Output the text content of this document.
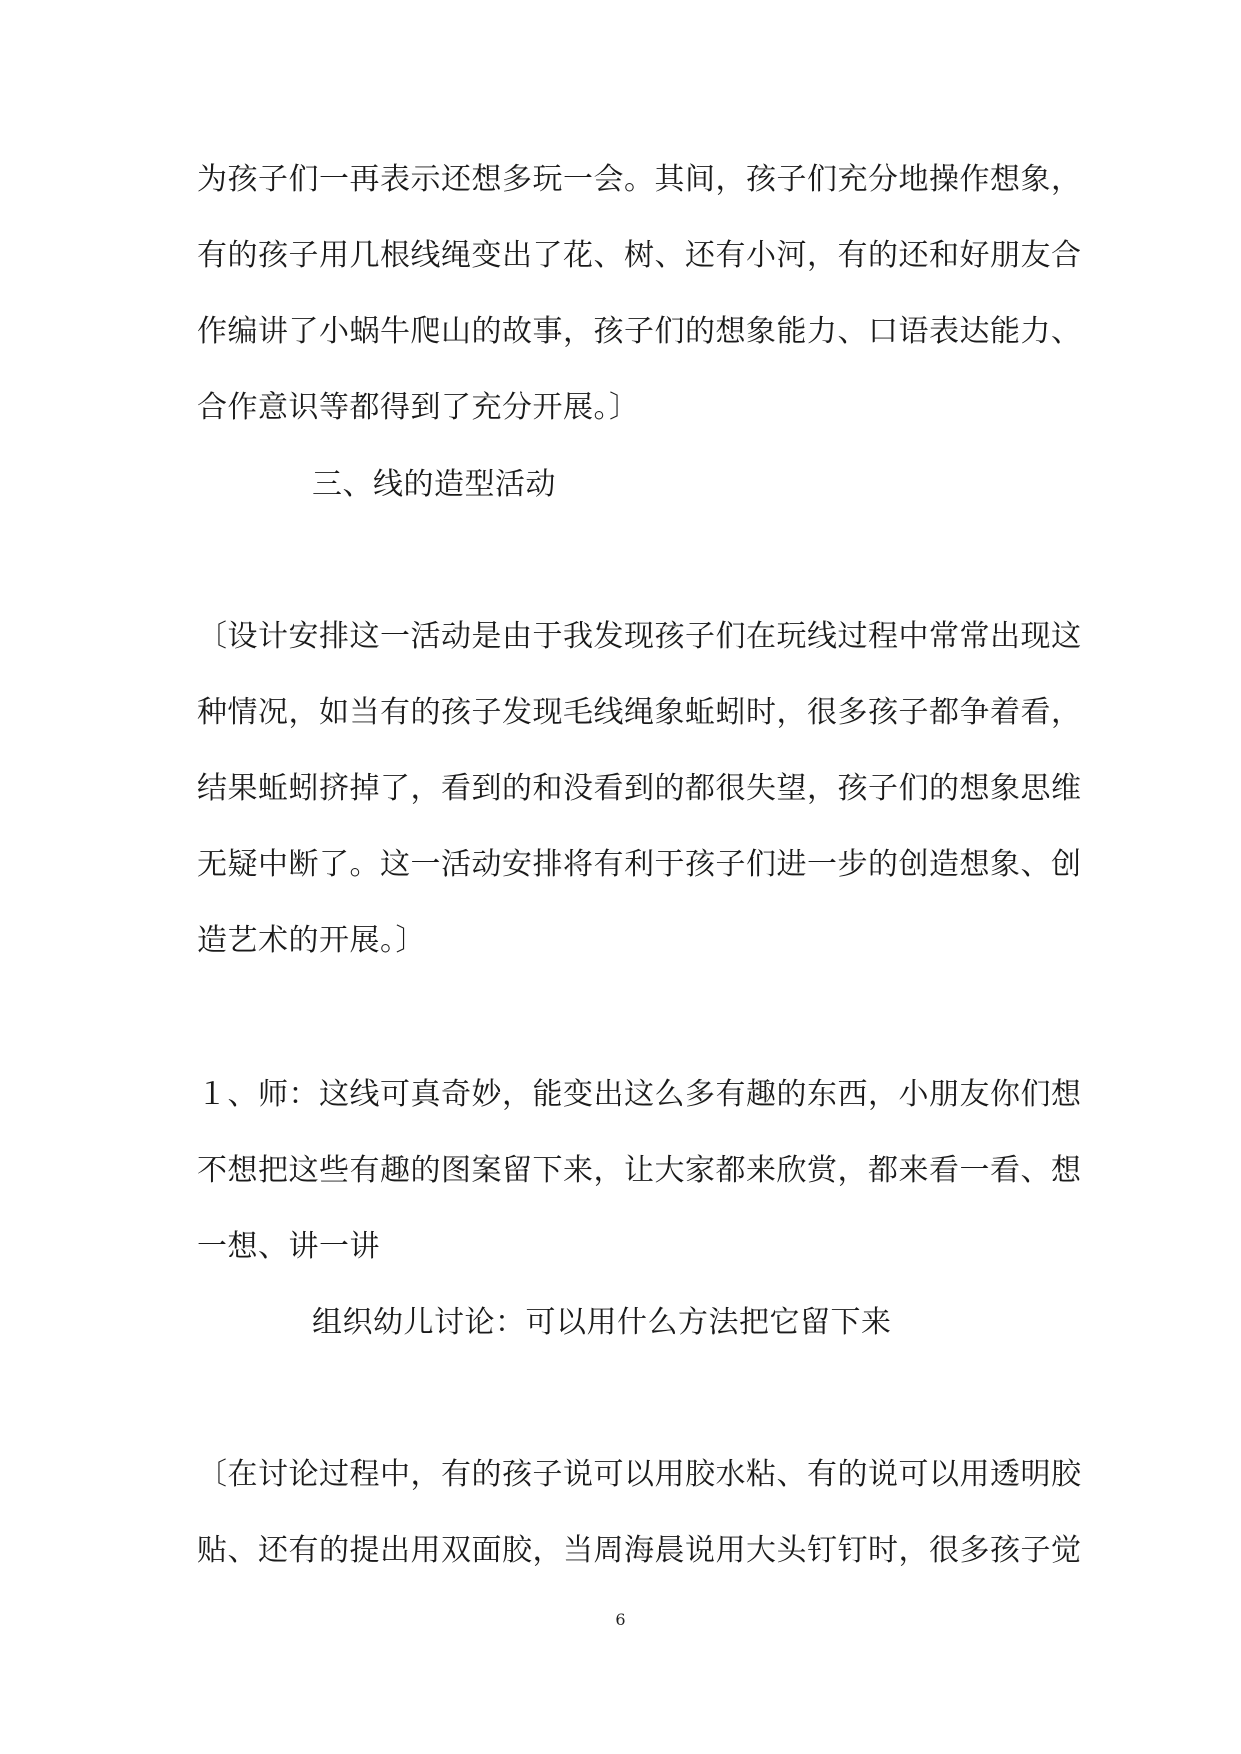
为孩子们一再表示还想多玩一会。其间，孩子们充分地操作想象，
有的孩子用几根线绳变出了花、树、还有小河，有的还和好朋友合
作编讲了小蜗牛爬山的故事，孩子们的想象能力、口语表达能力、
合作意识等都得到了充分开展。〕
三、线的造型活动
〔设计安排这一活动是由于我发现孩子们在玩线过程中常常出现这
种情况，如当有的孩子发现毛线绳象蚯蚓时，很多孩子都争着看，
结果蚯蚓挤掉了，看到的和没看到的都很失望，孩子们的想象思维
无疑中断了。这一活动安排将有利于孩子们进一步的创造想象、创
造艺术的开展。〕
１、师：这线可真奇妙，能变出这么多有趣的东西，小朋友你们想
不想把这些有趣的图案留下来，让大家都来欣赏，都来看一看、想
一想、讲一讲
组织幼儿讨论：可以用什么方法把它留下来
〔在讨论过程中，有的孩子说可以用胶水粘、有的说可以用透明胶
贴、还有的提出用双面胶，当周海晨说用大头钉钉时，很多孩子觉
6
